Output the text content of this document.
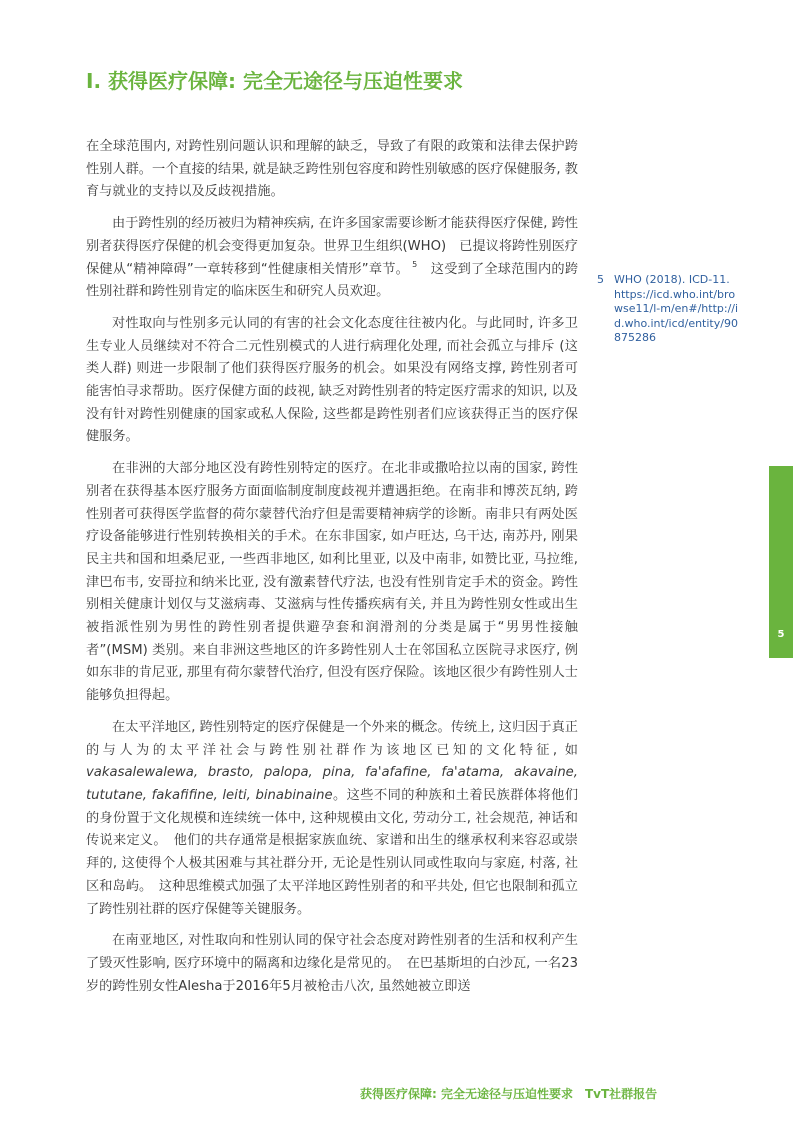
I. 获得医疗保障: 完全无途径与压迫性要求

在全球范围内, 对跨性别问题认识和理解的缺乏，导致了有限的政策和法律去保护跨性别人群。一个直接的结果, 就是缺乏跨性别包容度和跨性别敏感的医疗保健服务, 教育与就业的支持以及反歧视措施。

由于跨性别的经历被归为精神疾病, 在许多国家需要诊断才能获得医疗保健, 跨性别者获得医疗保健的机会变得更加复杂。世界卫生组织(WHO)　已提议将跨性别医疗保健从“精神障碍”一章转移到“性健康相关情形”章节。 $^5$　这受到了全球范围内的跨性别社群和跨性别肯定的临床医生和研究人员欢迎。

对性取向与性别多元认同的有害的社会文化态度往往被内化。与此同时, 许多卫生专业人员继续对不符合二元性别模式的人进行病理化处理, 而社会孤立与排斥 (这类人群) 则进一步限制了他们获得医疗服务的机会。如果没有网络支撑, 跨性别者可能害怕寻求帮助。医疗保健方面的歧视, 缺乏对跨性别者的特定医疗需求的知识, 以及没有针对跨性别健康的国家或私人保险, 这些都是跨性别者们应该获得正当的医疗保健服务。

在非洲的大部分地区没有跨性别特定的医疗。在北非或撒哈拉以南的国家, 跨性别者在获得基本医疗服务方面面临制度制度歧视并遭遇拒绝。在南非和博茨瓦纳, 跨性别者可获得医学监督的荷尔蒙替代治疗但是需要精神病学的诊断。南非只有两处医疗设备能够进行性别转换相关的手术。在东非国家, 如卢旺达, 乌干达, 南苏丹, 刚果民主共和国和坦桑尼亚, 一些西非地区, 如利比里亚, 以及中南非, 如赞比亚, 马拉维, 津巴布韦, 安哥拉和纳米比亚, 没有激素替代疗法, 也没有性别肯定手术的资金。跨性别相关健康计划仅与艾滋病毒、艾滋病与性传播疾病有关, 并且为跨性别女性或出生被指派性别为男性的跨性别者提供避孕套和润滑剂的分类是属于“男男性接触者”(MSM) 类别。来自非洲这些地区的许多跨性别人士在邻国私立医院寻求医疗, 例如东非的肯尼亚, 那里有荷尔蒙替代治疗, 但没有医疗保险。该地区很少有跨性别人士能够负担得起。

在太平洋地区, 跨性别特定的医疗保健是一个外来的概念。传统上, 这归因于真正的与人为的太平洋社会与跨性别社群作为该地区已知的文化特征, 如vakasalewalewa, brasto, palopa, pina, fa'afafine, fa'atama, akavaine, tututane, fakafifine, leiti, binabinaine。这些不同的种族和土着民族群体将他们的身份置于文化规模和连续统一体中, 这种规模由文化, 劳动分工, 社会规范, 神话和传说来定义。　他们的共存通常是根据家族血统、家谱和出生的继承权利来容忍或崇拜的, 这使得个人极其困难与其社群分开, 无论是性别认同或性取向与家庭, 村落, 社区和岛屿。　这种思维模式加强了太平洋地区跨性别者的和平共处, 但它也限制和孤立了跨性别社群的医疗保健等关键服务。

在南亚地区, 对性取向和性别认同的保守社会态度对跨性别者的生活和权利产生了毁灭性影响, 医疗环境中的隔离和边缘化是常见的。　在巴基斯坦的白沙瓦, 一名23岁的跨性别女性Alesha于2016年5月被枪击八次, 虽然她被立即送

5 WHO (2018). ICD-11. https://icd.who.int/browse11/l-m/en#/http://id.who.int/icd/entity/90875286
5
获得医疗保障: 完全无途径与压迫性要求 TvT社群报告
